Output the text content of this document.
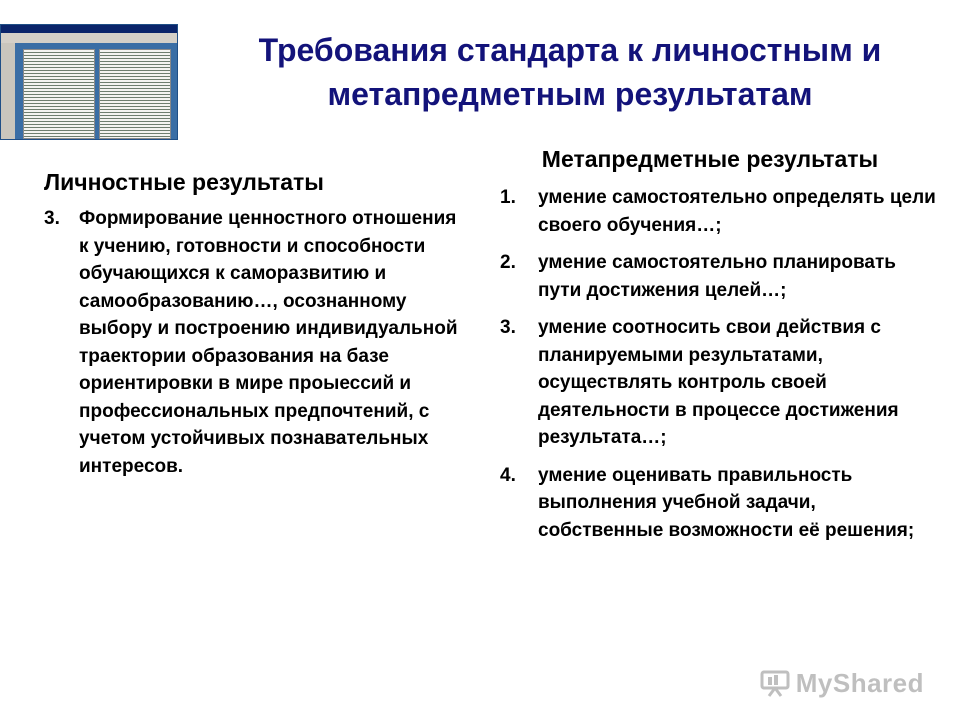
Требования стандарта к личностным и
метапредметным результатам
Личностные результаты
3. Формирование ценностного отношения к учению, готовности и способности обучающихся к саморазвитию и самообразованию…, осознанному выбору и построению индивидуальной траектории образования на базе ориентировки в мире проыессий и профессиональных предпочтений, с учетом устойчивых познавательных интересов.
Метапредметные результаты
1. умение самостоятельно определять цели своего обучения…;
2. умение самостоятельно планировать пути достижения целей…;
3. умение соотносить свои действия с планируемыми результатами, осуществлять контроль своей деятельности в процессе достижения результата…;
4. умение оценивать правильность выполнения учебной задачи, собственные возможности её решения;
MyShared
